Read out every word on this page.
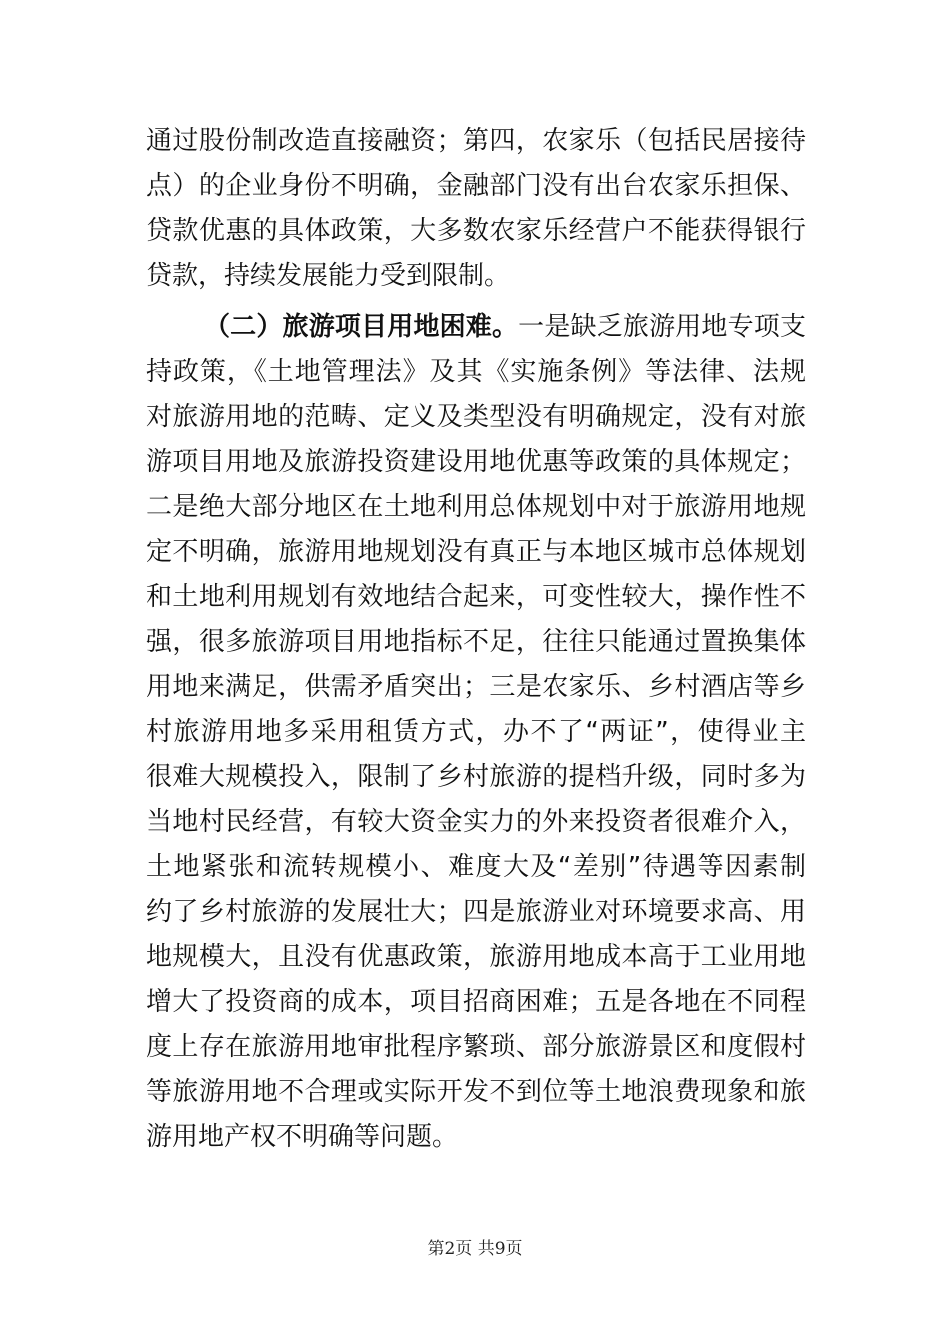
通过股份制改造直接融资；第四，农家乐（包括民居接待
点）的企业身份不明确，金融部门没有出台农家乐担保、
贷款优惠的具体政策，大多数农家乐经营户不能获得银行
贷款，持续发展能力受到限制。
（二）旅游项目用地困难。一是缺乏旅游用地专项支
持政策，《土地管理法》及其《实施条例》等法律、法规
对旅游用地的范畴、定义及类型没有明确规定，没有对旅
游项目用地及旅游投资建设用地优惠等政策的具体规定；
二是绝大部分地区在土地利用总体规划中对于旅游用地规
定不明确，旅游用地规划没有真正与本地区城市总体规划
和土地利用规划有效地结合起来，可变性较大，操作性不
强，很多旅游项目用地指标不足，往往只能通过置换集体
用地来满足，供需矛盾突出；三是农家乐、乡村酒店等乡
村旅游用地多采用租赁方式，办不了“两证”，使得业主
很难大规模投入，限制了乡村旅游的提档升级，同时多为
当地村民经营，有较大资金实力的外来投资者很难介入，
土地紧张和流转规模小、难度大及“差别”待遇等因素制
约了乡村旅游的发展壮大；四是旅游业对环境要求高、用
地规模大，且没有优惠政策，旅游用地成本高于工业用地
增大了投资商的成本，项目招商困难；五是各地在不同程
度上存在旅游用地审批程序繁琐、部分旅游景区和度假村
等旅游用地不合理或实际开发不到位等土地浪费现象和旅
游用地产权不明确等问题。
第2页 共9页
